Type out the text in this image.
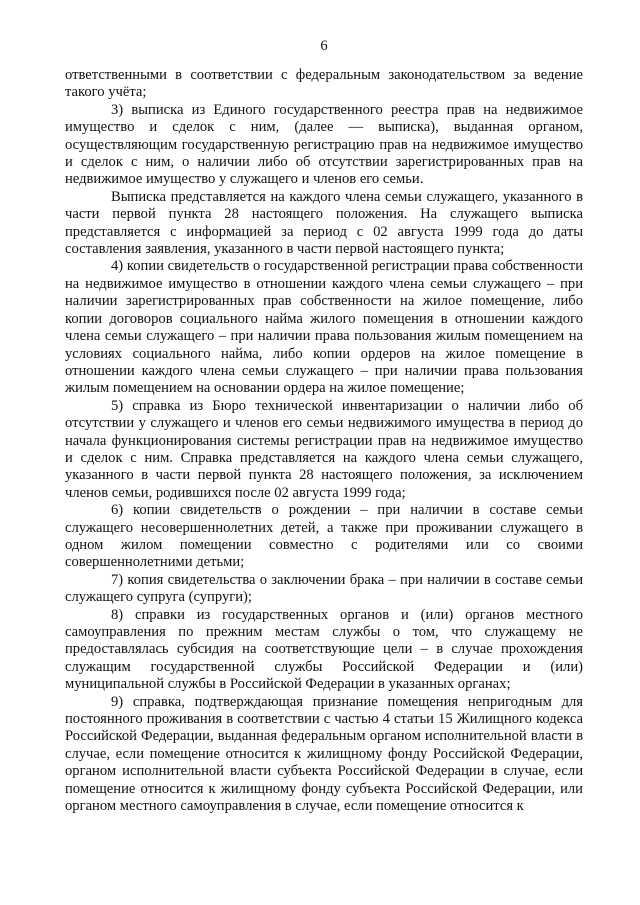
6

ответственными в соответствии с федеральным законодательством за ведение такого учёта;

3) выписка из Единого государственного реестра прав на недвижимое имущество и сделок с ним, (далее — выписка), выданная органом, осуществляющим государственную регистрацию прав на недвижимое имущество и сделок с ним, о наличии либо об отсутствии зарегистрированных прав на недвижимое имущество у служащего и членов его семьи.

Выписка представляется на каждого члена семьи служащего, указанного в части первой пункта 28 настоящего положения. На служащего выписка представляется с информацией за период с 02 августа 1999 года до даты составления заявления, указанного в части первой настоящего пункта;

4) копии свидетельств о государственной регистрации права собственности на недвижимое имущество в отношении каждого члена семьи служащего – при наличии зарегистрированных прав собственности на жилое помещение, либо копии договоров социального найма жилого помещения в отношении каждого члена семьи служащего – при наличии права пользования жилым помещением на условиях социального найма, либо копии ордеров на жилое помещение в отношении каждого члена семьи служащего – при наличии права пользования жилым помещением на основании ордера на жилое помещение;

5) справка из Бюро технической инвентаризации о наличии либо об отсутствии у служащего и членов его семьи недвижимого имущества в период до начала функционирования системы регистрации прав на недвижимое имущество и сделок с ним. Справка представляется на каждого члена семьи служащего, указанного в части первой пункта 28 настоящего положения, за исключением членов семьи, родившихся после 02 августа 1999 года;

6) копии свидетельств о рождении – при наличии в составе семьи служащего несовершеннолетних детей, а также при проживании служащего в одном жилом помещении совместно с родителями или со своими совершеннолетними детьми;

7) копия свидетельства о заключении брака – при наличии в составе семьи служащего супруга (супруги);

8) справки из государственных органов и (или) органов местного самоуправления по прежним местам службы о том, что служащему не предоставлялась субсидия на соответствующие цели – в случае прохождения служащим государственной службы Российской Федерации и (или) муниципальной службы в Российской Федерации в указанных органах;

9) справка, подтверждающая признание помещения непригодным для постоянного проживания в соответствии с частью 4 статьи 15 Жилищного кодекса Российской Федерации, выданная федеральным органом исполнительной власти в случае, если помещение относится к жилищному фонду Российской Федерации, органом исполнительной власти субъекта Российской Федерации в случае, если помещение относится к жилищному фонду субъекта Российской Федерации, или органом местного самоуправления в случае, если помещение относится к
